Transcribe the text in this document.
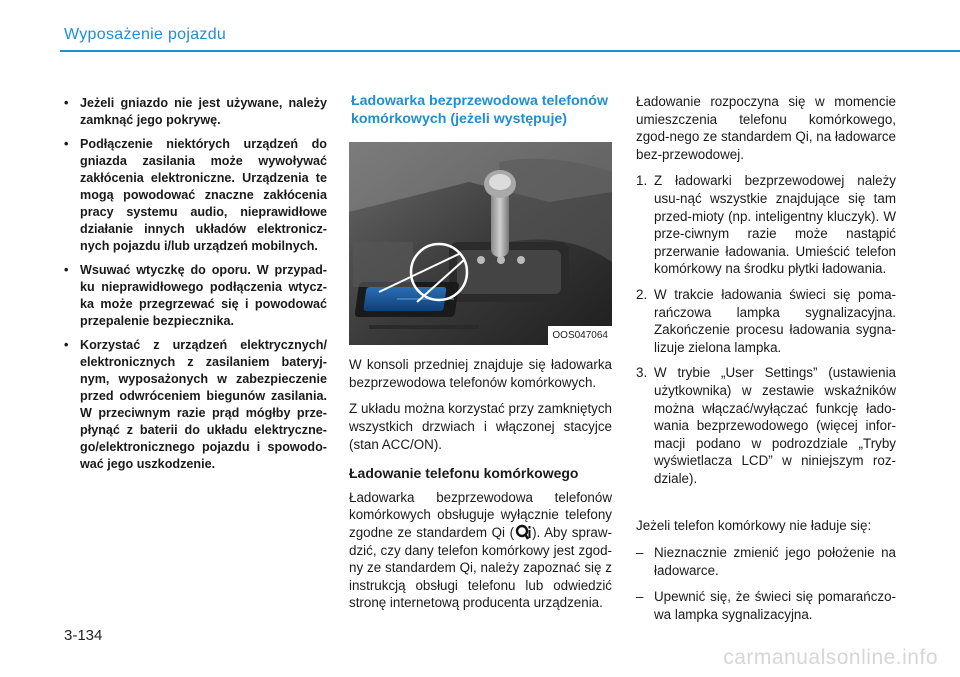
Wyposażenie pojazdu
• Jeżeli gniazdo nie jest używane, należy zamknąć jego pokrywę.
• Podłączenie niektórych urządzeń do gniazda zasilania może wywoływać zakłócenia elektroniczne. Urządzenia te mogą powodować znaczne zakłócenia pracy systemu audio, nieprawidłowe działanie innych układów elektronicz-nych pojazdu i/lub urządzeń mobilnych.
• Wsuwać wtyczkę do oporu. W przypad-ku nieprawidłowego podłączenia wtycz-ka może przegrzewać się i powodować przepalenie bezpiecznika.
• Korzystać z urządzeń elektrycznych/ elektronicznych z zasilaniem bateryj-nym, wyposażonych w zabezpieczenie przed odwróceniem biegunów zasilania. W przeciwnym razie prąd mógłby prze-płynąć z baterii do układu elektryczne-go/elektronicznego pojazdu i spowodo-wać jego uszkodzenie.
Ładowarka bezprzewodowa telefonów
komórkowych (jeżeli występuje)
OOS047064

W konsoli przedniej znajduje się ładowarka bezprzewodowa telefonów komórkowych.

Z układu można korzystać przy zamkniętych wszystkich drzwiach i włączonej stacyjce (stan ACC/ON).

Ładowanie telefonu komórkowego

Ładowarka bezprzewodowa telefonów komórkowych obsługuje wyłącznie telefony zgodne ze standardem Qi ( ). Aby spraw-dzić, czy dany telefon komórkowy jest zgod-ny ze standardem Qi, należy zapoznać się z instrukcją obsługi telefonu lub odwiedzić stronę internetową producenta urządzenia.

Ładowanie rozpoczyna się w momencie umieszczenia telefonu komórkowego, zgod-nego ze standardem Qi, na ładowarce bez-przewodowej.

1. Z ładowarki bezprzewodowej należy usu-nąć wszystkie znajdujące się tam przed-mioty (np. inteligentny kluczyk). W prze-ciwnym razie może nastąpić przerwanie ładowania. Umieścić telefon komórkowy na środku płytki ładowania.
2. W trakcie ładowania świeci się poma-rańczowa lampka sygnalizacyjna. Zakończenie procesu ładowania sygna-lizuje zielona lampka.
3. W trybie „User Settings” (ustawienia użytkownika) w zestawie wskaźników można włączać/wyłączać funkcję łado-wania bezprzewodowego (więcej infor-macji podano w podrozdziale „Tryby wyświetlacza LCD” w niniejszym roz-dziale).

Jeżeli telefon komórkowy nie ładuje się:

– Nieznacznie zmienić jego położenie na ładowarce.
– Upewnić się, że świeci się pomarańczo-wa lampka sygnalizacyjna.
3-134
carmanualsonline.info
